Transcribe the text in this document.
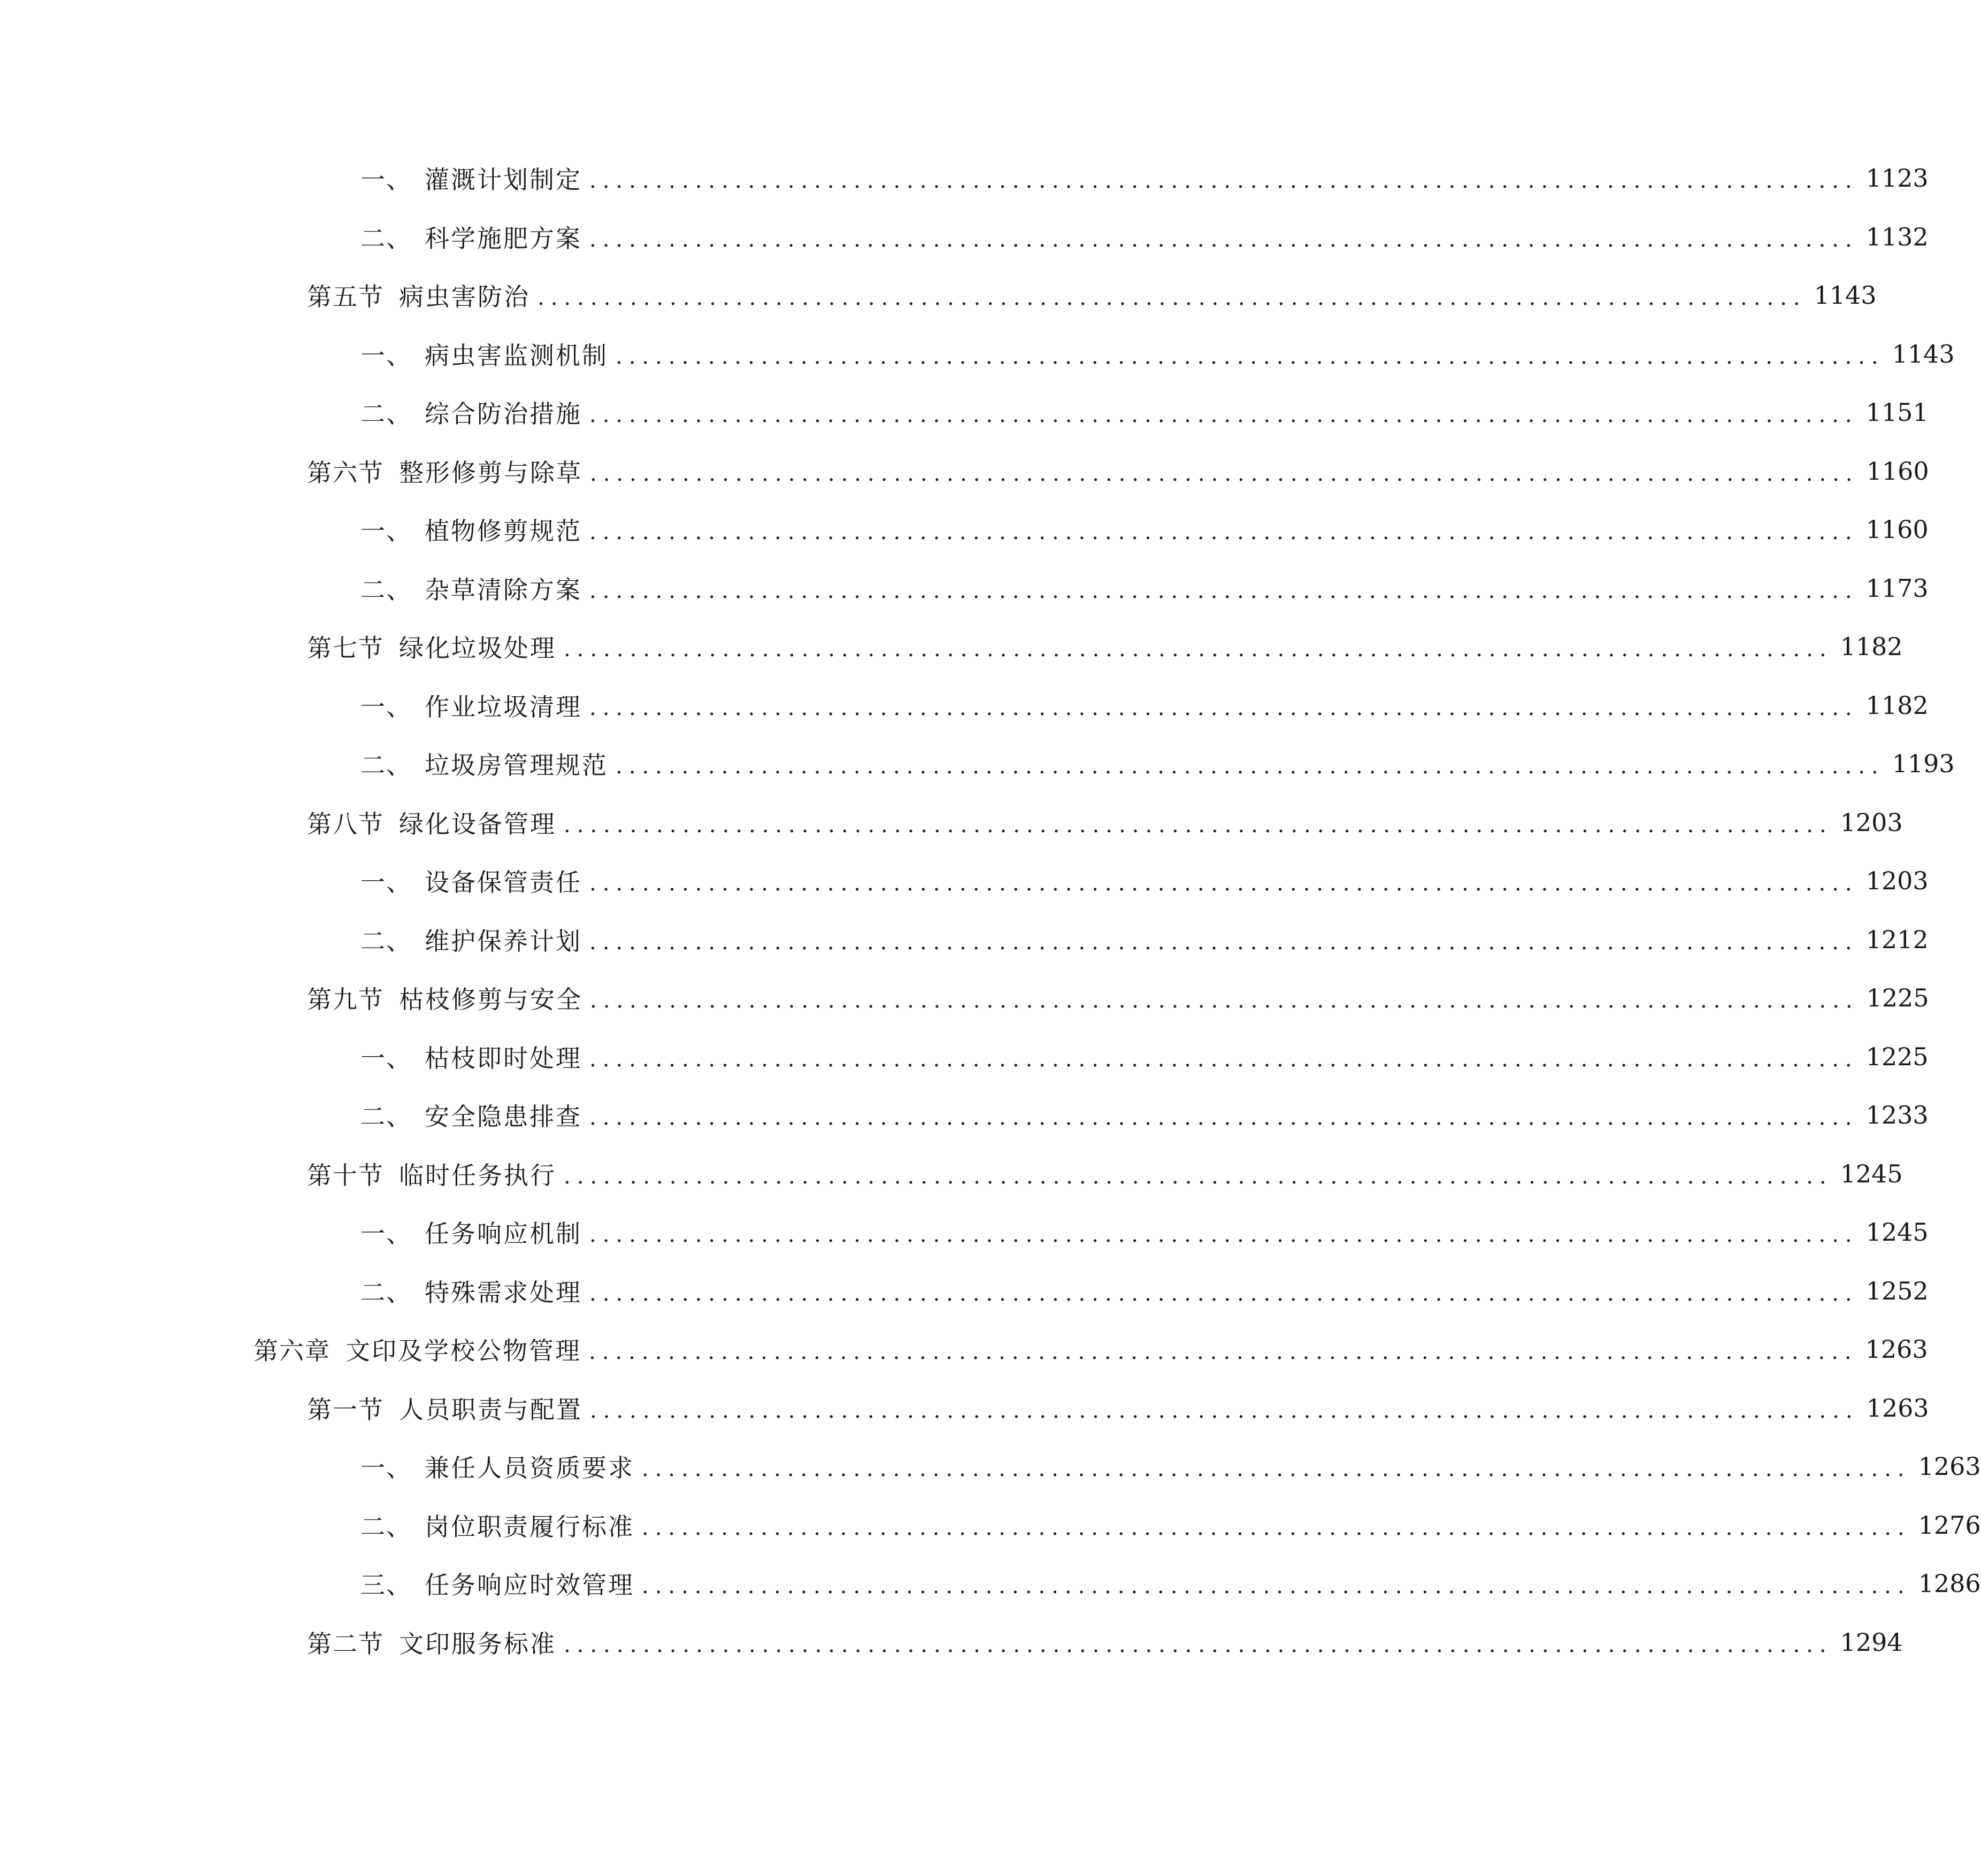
一、 灌溉计划制定 ................................................................................................ 1123
二、 科学施肥方案 ................................................................................................ 1132
第五节 病虫害防治 ................................................................................................ 1143
一、 病虫害监测机制 ................................................................................................ 1143
二、 综合防治措施 ................................................................................................ 1151
第六节 整形修剪与除草 ................................................................................................ 1160
一、 植物修剪规范 ................................................................................................ 1160
二、 杂草清除方案 ................................................................................................ 1173
第七节 绿化垃圾处理 ................................................................................................ 1182
一、 作业垃圾清理 ................................................................................................ 1182
二、 垃圾房管理规范 ................................................................................................ 1193
第八节 绿化设备管理 ................................................................................................ 1203
一、 设备保管责任 ................................................................................................ 1203
二、 维护保养计划 ................................................................................................ 1212
第九节 枯枝修剪与安全 ................................................................................................ 1225
一、 枯枝即时处理 ................................................................................................ 1225
二、 安全隐患排查 ................................................................................................ 1233
第十节 临时任务执行 ................................................................................................ 1245
一、 任务响应机制 ................................................................................................ 1245
二、 特殊需求处理 ................................................................................................ 1252
第六章 文印及学校公物管理 ................................................................................................ 1263
第一节 人员职责与配置 ................................................................................................ 1263
一、 兼任人员资质要求 ................................................................................................ 1263
二、 岗位职责履行标准 ................................................................................................ 1276
三、 任务响应时效管理 ................................................................................................ 1286
第二节 文印服务标准 ................................................................................................ 1294
